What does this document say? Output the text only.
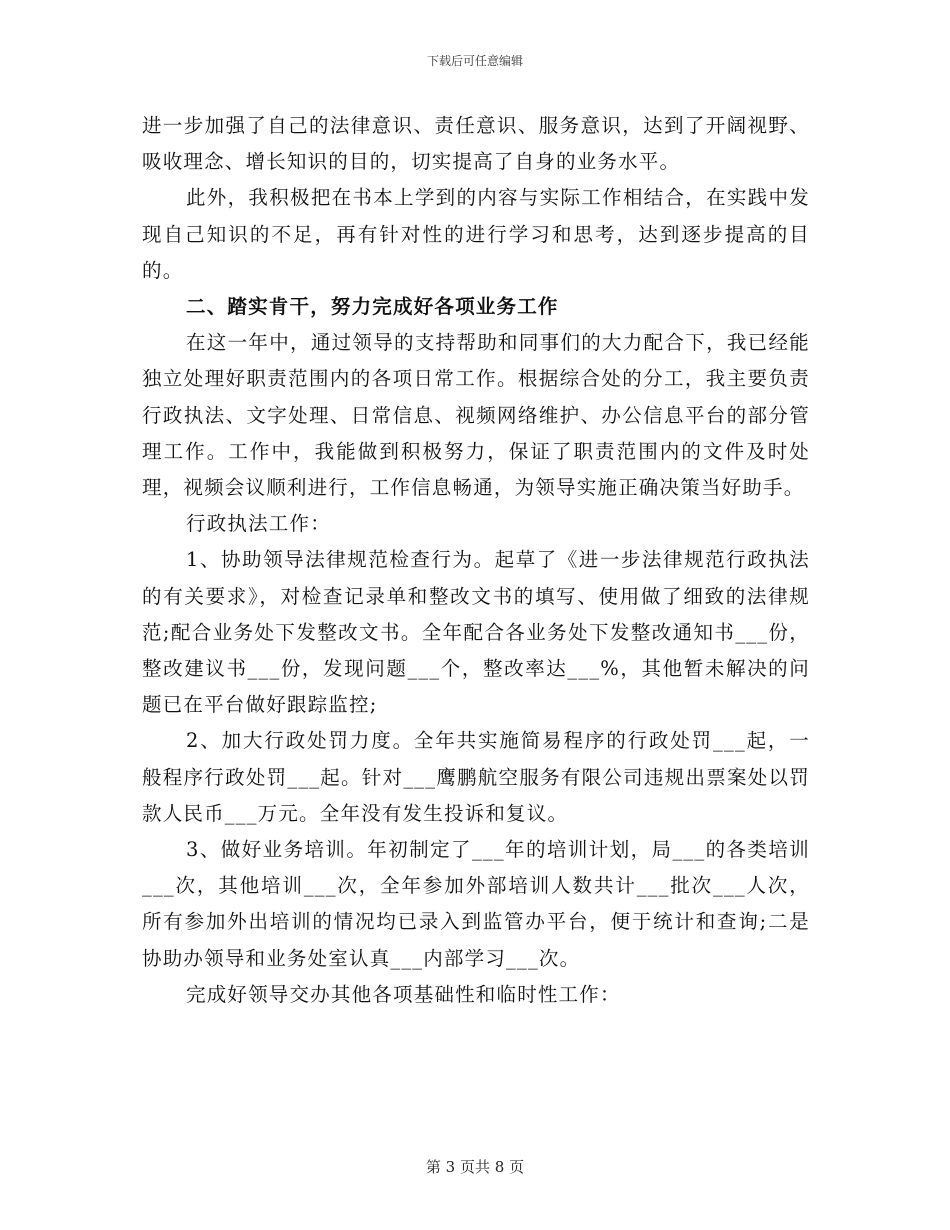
下载后可任意编辑

进一步加强了自己的法律意识、责任意识、服务意识，达到了开阔视野、吸收理念、增长知识的目的，切实提高了自身的业务水平。

此外，我积极把在书本上学到的内容与实际工作相结合，在实践中发现自己知识的不足，再有针对性的进行学习和思考，达到逐步提高的目的。

二、踏实肯干，努力完成好各项业务工作

在这一年中，通过领导的支持帮助和同事们的大力配合下，我已经能独立处理好职责范围内的各项日常工作。根据综合处的分工，我主要负责行政执法、文字处理、日常信息、视频网络维护、办公信息平台的部分管理工作。工作中，我能做到积极努力，保证了职责范围内的文件及时处理，视频会议顺利进行，工作信息畅通，为领导实施正确决策当好助手。

行政执法工作：

1、协助领导法律规范检查行为。起草了《进一步法律规范行政执法的有关要求》，对检查记录单和整改文书的填写、使用做了细致的法律规范;配合业务处下发整改文书。全年配合各业务处下发整改通知书___份，整改建议书___份，发现问题___个，整改率达___%，其他暂未解决的问题已在平台做好跟踪监控;

2、加大行政处罚力度。全年共实施简易程序的行政处罚___起，一般程序行政处罚___起。针对___鹰鹏航空服务有限公司违规出票案处以罚款人民币___万元。全年没有发生投诉和复议。

3、做好业务培训。年初制定了___年的培训计划，局___的各类培训___次，其他培训___次，全年参加外部培训人数共计___批次___人次，所有参加外出培训的情况均已录入到监管办平台，便于统计和查询;二是协助办领导和业务处室认真___内部学习___次。

完成好领导交办其他各项基础性和临时性工作：

第 3 页共 8 页
